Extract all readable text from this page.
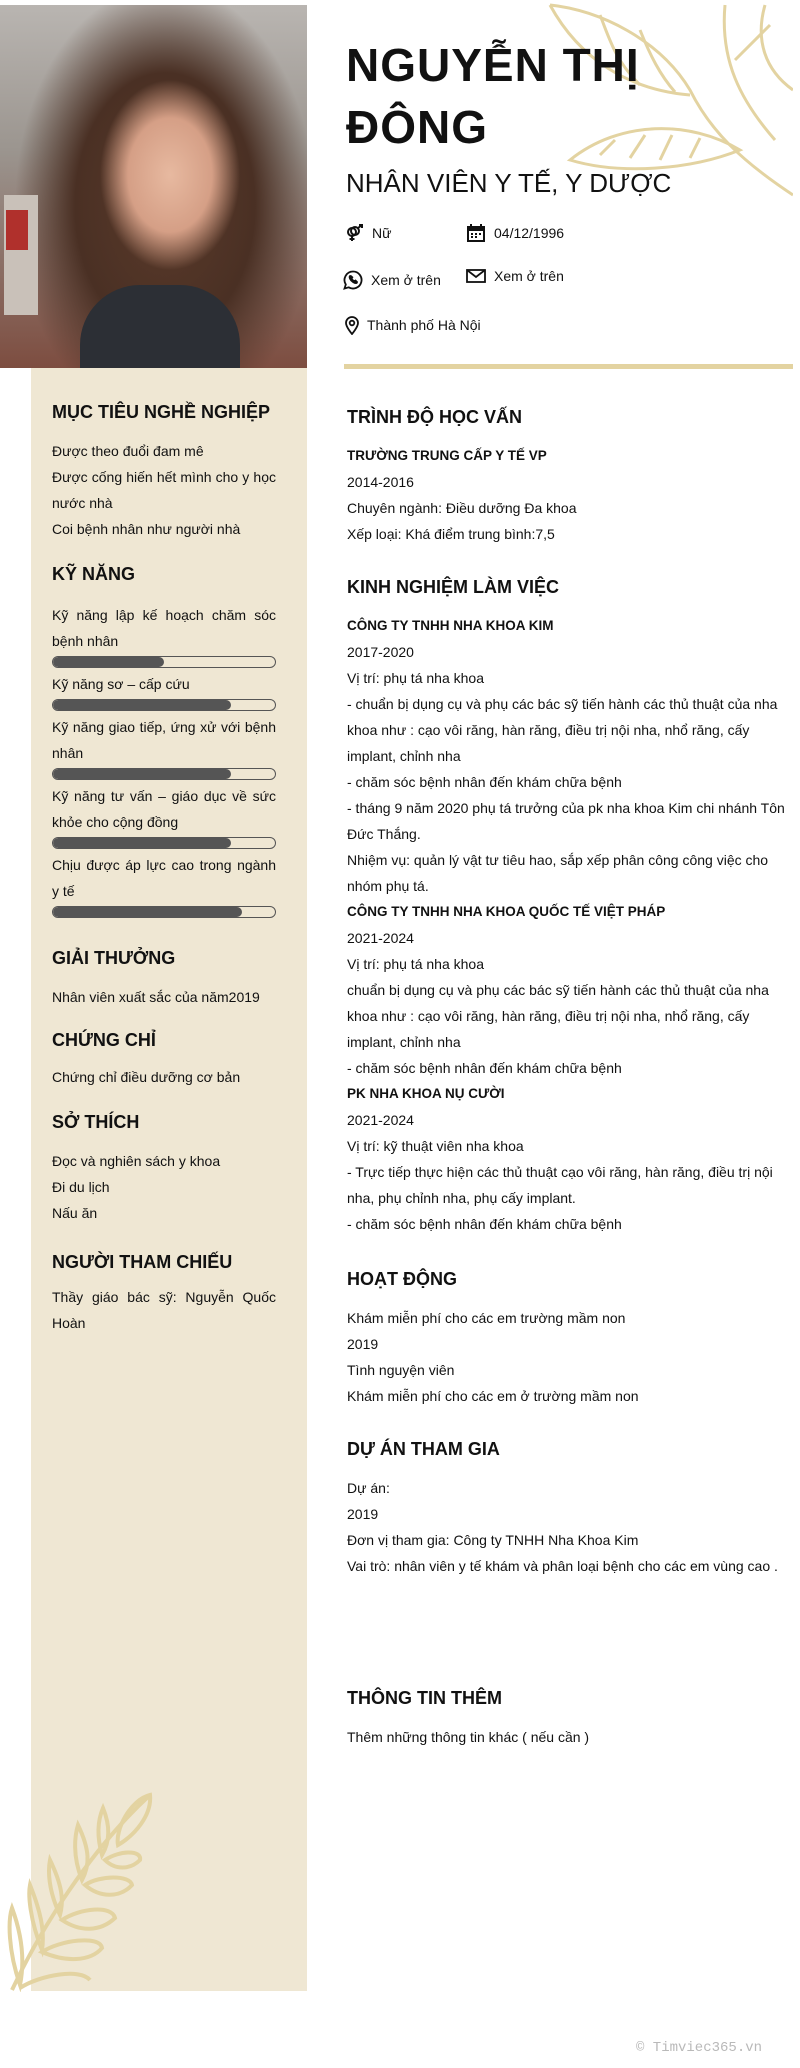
MỤC TIÊU NGHỀ NGHIỆP

Được theo đuổi đam mê

Được cống hiến hết mình cho y học nước nhà

Coi bệnh nhân như người nhà

KỸ NĂNG

Kỹ năng lập kế hoạch chăm sóc bệnh nhân

Kỹ năng sơ – cấp cứu

Kỹ năng giao tiếp, ứng xử với bệnh nhân

Kỹ năng tư vấn – giáo dục về sức khỏe cho cộng đồng

Chịu được áp lực cao trong ngành y tế

GIẢI THƯỞNG

Nhân viên xuất sắc của năm2019

CHỨNG CHỈ

Chứng chỉ điều dưỡng cơ bản

SỞ THÍCH

Đọc và nghiên sách y khoa

Đi du lịch

Nấu ăn

NGƯỜI THAM CHIẾU

Thầy giáo bác sỹ: Nguyễn Quốc Hoàn

NGUYỄN THỊ ĐÔNG

NHÂN VIÊN Y TẾ, Y DƯỢC

Nữ	04/12/1996
Xem ở trên	Xem ở trên
Thành phố Hà Nội
TRÌNH ĐỘ HỌC VẤN

TRƯỜNG TRUNG CẤP Y TẾ VP

2014-2016

Chuyên ngành: Điều dưỡng Đa khoa

Xếp loại: Khá điểm trung bình:7,5

KINH NGHIỆM LÀM VIỆC

CÔNG TY TNHH NHA KHOA KIM

2017-2020

Vị trí: phụ tá nha khoa

- chuẩn bị dụng cụ và phụ các bác sỹ tiến hành các thủ thuật của nha khoa như : cạo vôi răng, hàn răng, điều trị nội nha, nhổ răng, cấy implant, chỉnh nha

- chăm sóc bệnh nhân đến khám chữa bệnh

- tháng 9 năm 2020 phụ tá trưởng của pk nha khoa Kim chi nhánh Tôn Đức Thắng.

Nhiệm vụ: quản lý vật tư tiêu hao, sắp xếp phân công công việc cho nhóm phụ tá.

CÔNG TY TNHH NHA KHOA QUỐC TẾ VIỆT PHÁP

2021-2024

Vị trí: phụ tá nha khoa

chuẩn bị dụng cụ và phụ các bác sỹ tiến hành các thủ thuật của nha khoa như : cạo vôi răng, hàn răng, điều trị nội nha, nhổ răng, cấy implant, chỉnh nha

- chăm sóc bệnh nhân đến khám chữa bệnh

PK NHA KHOA NỤ CƯỜI

2021-2024

Vị trí: kỹ thuật viên nha khoa

- Trực tiếp thực hiện các thủ thuật cạo vôi răng, hàn răng, điều trị nội nha, phụ chỉnh nha, phụ cấy implant.

- chăm sóc bệnh nhân đến khám chữa bệnh

HOẠT ĐỘNG

Khám miễn phí cho các em trường mầm non

2019

Tình nguyện viên

Khám miễn phí cho các em ở trường mầm non

DỰ ÁN THAM GIA

Dự án:

2019

Đơn vị tham gia: Công ty TNHH Nha Khoa Kim

Vai trò: nhân viên y tế khám và phân loại bệnh cho các em vùng cao .

THÔNG TIN THÊM

Thêm những thông tin khác ( nếu cần )

© Timviec365.vn
